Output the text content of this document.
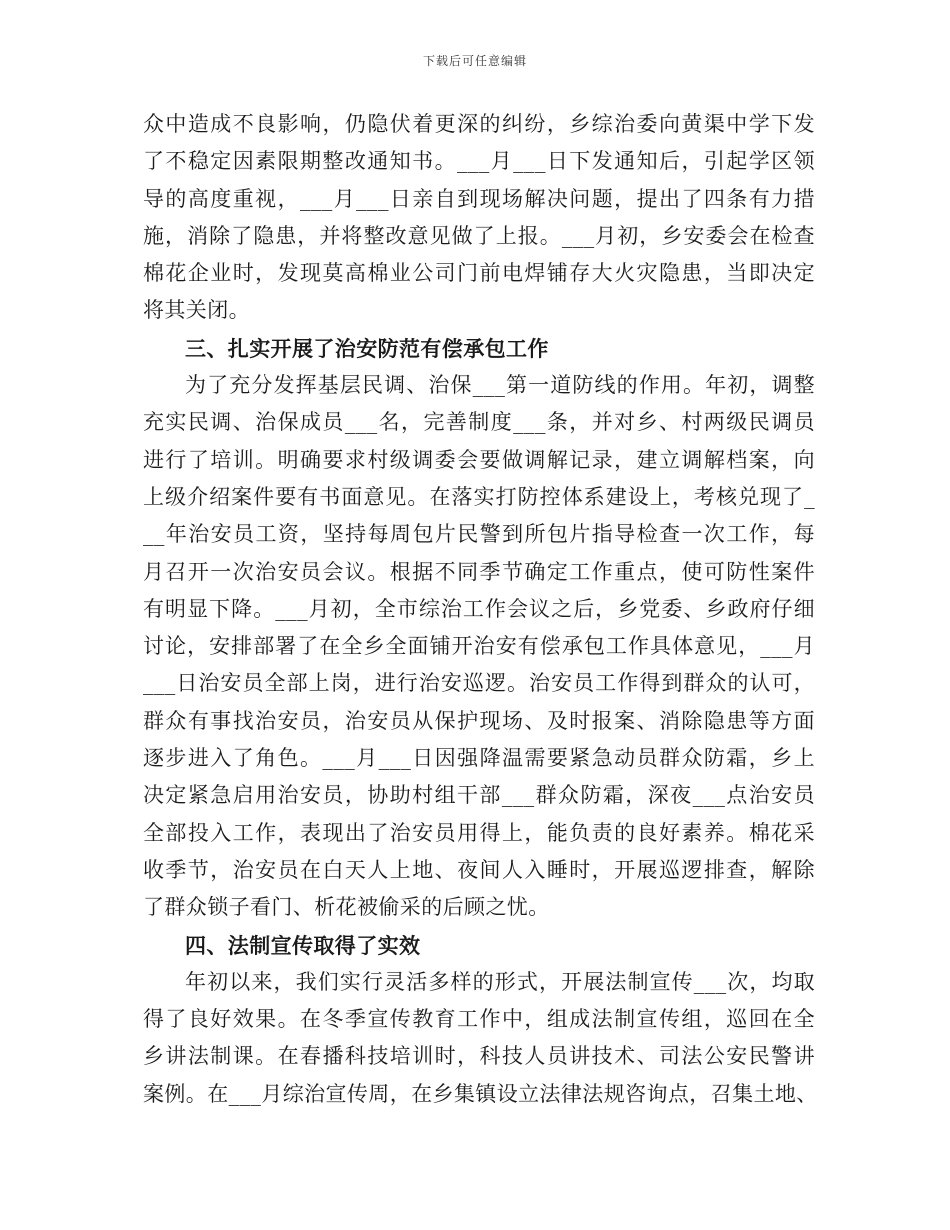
下载后可任意编辑
众中造成不良影响，仍隐伏着更深的纠纷，乡综治委向黄渠中学下发
了不稳定因素限期整改通知书。___月___日下发通知后，引起学区领
导的高度重视，___月___日亲自到现场解决问题，提出了四条有力措
施，消除了隐患，并将整改意见做了上报。___月初，乡安委会在检查
棉花企业时，发现莫高棉业公司门前电焊铺存大火灾隐患，当即决定
将其关闭。
三、扎实开展了治安防范有偿承包工作
为了充分发挥基层民调、治保___第一道防线的作用。年初，调整
充实民调、治保成员___名，完善制度___条，并对乡、村两级民调员
进行了培训。明确要求村级调委会要做调解记录，建立调解档案，向
上级介绍案件要有书面意见。在落实打防控体系建设上，考核兑现了_
__年治安员工资，坚持每周包片民警到所包片指导检查一次工作，每
月召开一次治安员会议。根据不同季节确定工作重点，使可防性案件
有明显下降。___月初，全市综治工作会议之后，乡党委、乡政府仔细
讨论，安排部署了在全乡全面铺开治安有偿承包工作具体意见，___月
___日治安员全部上岗，进行治安巡逻。治安员工作得到群众的认可，
群众有事找治安员，治安员从保护现场、及时报案、消除隐患等方面
逐步进入了角色。___月___日因强降温需要紧急动员群众防霜，乡上
决定紧急启用治安员，协助村组干部___群众防霜，深夜___点治安员
全部投入工作，表现出了治安员用得上，能负责的良好素养。棉花采
收季节，治安员在白天人上地、夜间人入睡时，开展巡逻排查，解除
了群众锁子看门、析花被偷采的后顾之忧。
四、法制宣传取得了实效
年初以来，我们实行灵活多样的形式，开展法制宣传___次，均取
得了良好效果。在冬季宣传教育工作中，组成法制宣传组，巡回在全
乡讲法制课。在春播科技培训时，科技人员讲技术、司法公安民警讲
案例。在___月综治宣传周，在乡集镇设立法律法规咨询点，召集土地、
